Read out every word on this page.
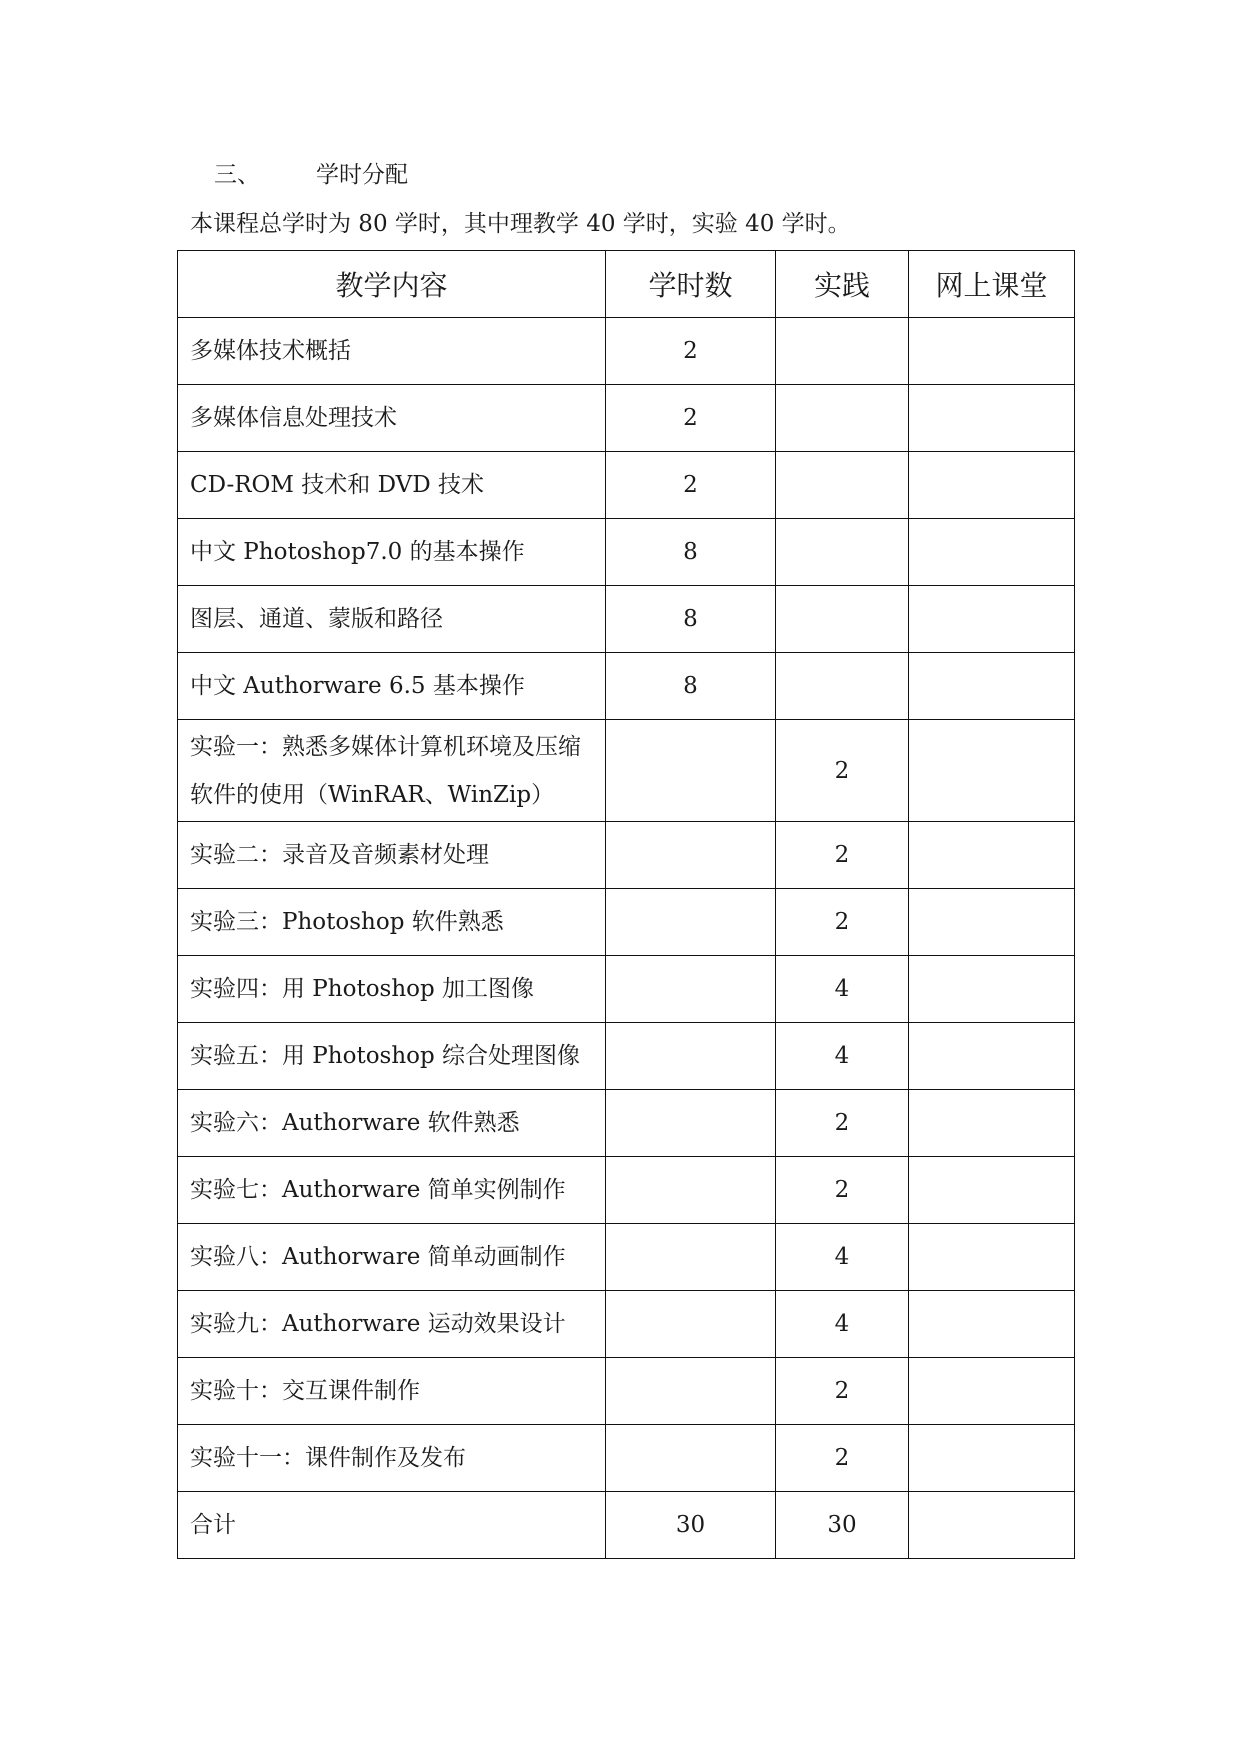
三、 学时分配
本课程总学时为 80 学时，其中理教学 40 学时，实验 40 学时。
教学内容	学时数	实践	网上课堂
多媒体技术概括	2		
多媒体信息处理技术	2		
CD-ROM 技术和 DVD 技术	2		
中文 Photoshop7.0 的基本操作	8		
图层、通道、蒙版和路径	8		
中文 Authorware 6.5 基本操作	8		
实验一：熟悉多媒体计算机环境及压缩软件的使用（WinRAR、WinZip）		2	
实验二：录音及音频素材处理		2	
实验三：Photoshop 软件熟悉		2	
实验四：用 Photoshop 加工图像		4	
实验五：用 Photoshop 综合处理图像		4	
实验六：Authorware 软件熟悉		2	
实验七：Authorware 简单实例制作		2	
实验八：Authorware 简单动画制作		4	
实验九：Authorware 运动效果设计		4	
实验十：交互课件制作		2	
实验十一：课件制作及发布		2	
合计	30	30	
